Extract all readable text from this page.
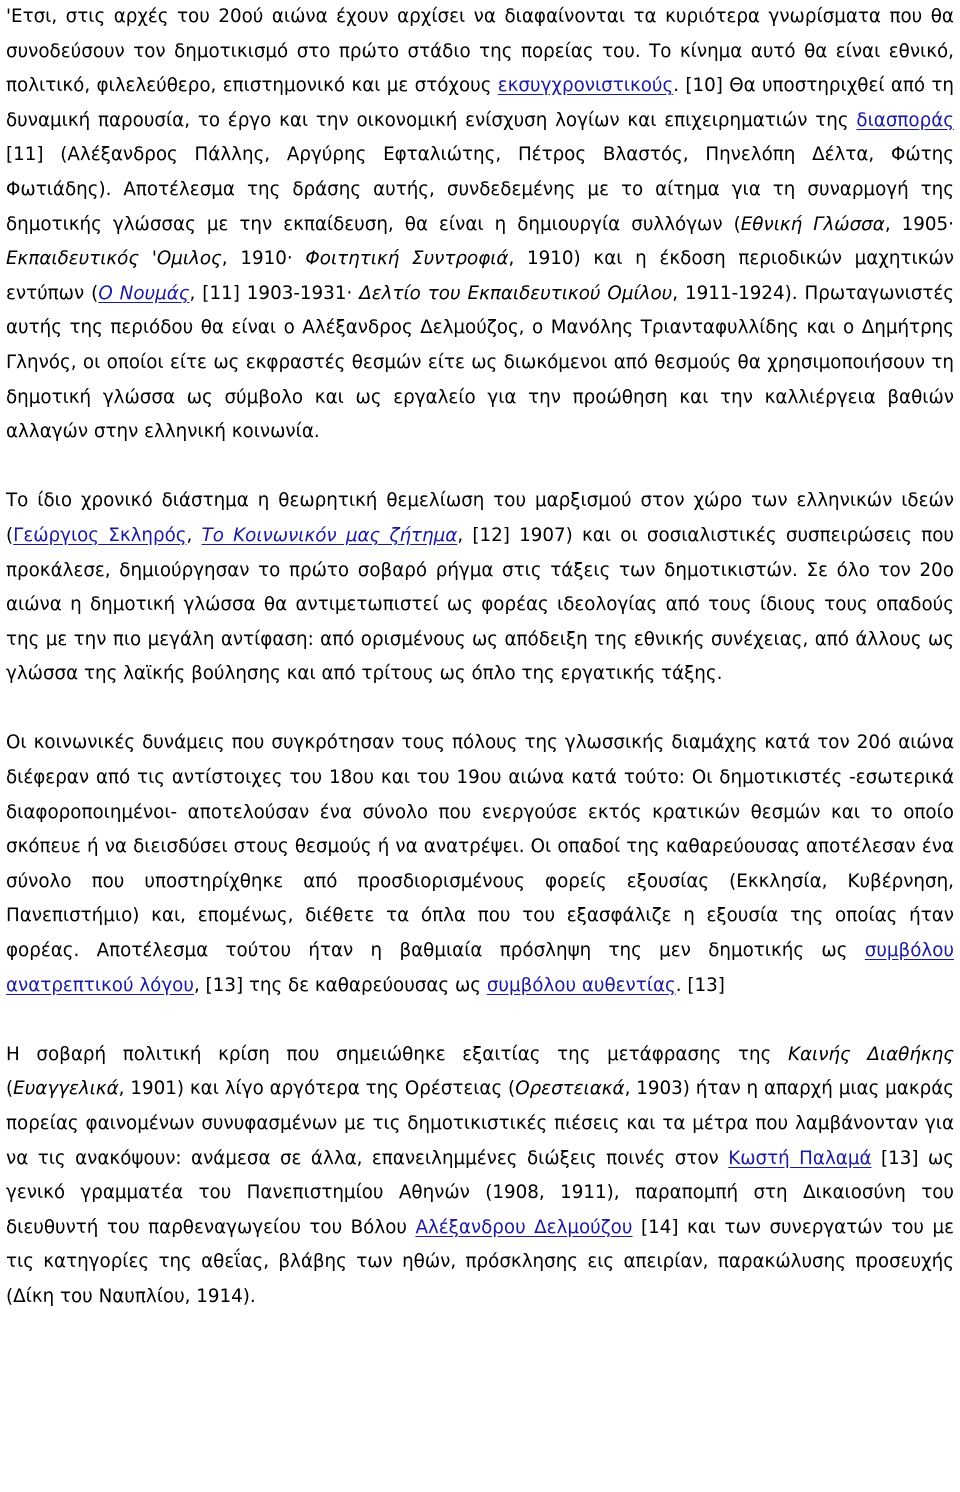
'Ετσι, στις αρχές του 20ού αιώνα έχουν αρχίσει να διαφαίνονται τα κυριότερα γνωρίσματα που θα συνοδεύσουν τον δημοτικισμό στο πρώτο στάδιο της πορείας του. Το κίνημα αυτό θα είναι εθνικό, πολιτικό, φιλελεύθερο, επιστημονικό και με στόχους εκσυγχρονιστικούς. [10] Θα υποστηριχθεί από τη δυναμική παρουσία, το έργο και την οικονομική ενίσχυση λογίων και επιχειρηματιών της διασποράς [11] (Αλέξανδρος Πάλλης, Αργύρης Εφταλιώτης, Πέτρος Βλαστός, Πηνελόπη Δέλτα, Φώτης Φωτιάδης). Αποτέλεσμα της δράσης αυτής, συνδεδεμένης με το αίτημα για τη συναρμογή της δημοτικής γλώσσας με την εκπαίδευση, θα είναι η δημιουργία συλλόγων (Εθνική Γλώσσα, 1905· Εκπαιδευτικός 'Ομιλος, 1910· Φοιτητική Συντροφιά, 1910) και η έκδοση περιοδικών μαχητικών εντύπων (Ο Νουμάς, [11] 1903-1931· Δελτίο του Εκπαιδευτικού Ομίλου, 1911-1924). Πρωταγωνιστές αυτής της περιόδου θα είναι ο Αλέξανδρος Δελμούζος, ο Μανόλης Τριανταφυλλίδης και ο Δημήτρης Γληνός, οι οποίοι είτε ως εκφραστές θεσμών είτε ως διωκόμενοι από θεσμούς θα χρησιμοποιήσουν τη δημοτική γλώσσα ως σύμβολο και ως εργαλείο για την προώθηση και την καλλιέργεια βαθιών αλλαγών στην ελληνική κοινωνία.

Το ίδιο χρονικό διάστημα η θεωρητική θεμελίωση του μαρξισμού στον χώρο των ελληνικών ιδεών (Γεώργιος Σκληρός, Το Κοινωνικόν μας ζήτημα, [12] 1907) και οι σοσιαλιστικές συσπειρώσεις που προκάλεσε, δημιούργησαν το πρώτο σοβαρό ρήγμα στις τάξεις των δημοτικιστών. Σε όλο τον 20ο αιώνα η δημοτική γλώσσα θα αντιμετωπιστεί ως φορέας ιδεολογίας από τους ίδιους τους οπαδούς της με την πιο μεγάλη αντίφαση: από ορισμένους ως απόδειξη της εθνικής συνέχειας, από άλλους ως γλώσσα της λαϊκής βούλησης και από τρίτους ως όπλο της εργατικής τάξης.

Οι κοινωνικές δυνάμεις που συγκρότησαν τους πόλους της γλωσσικής διαμάχης κατά τον 20ό αιώνα διέφεραν από τις αντίστοιχες του 18ου και του 19ου αιώνα κατά τούτο: Οι δημοτικιστές -εσωτερικά διαφοροποιημένοι- αποτελούσαν ένα σύνολο που ενεργούσε εκτός κρατικών θεσμών και το οποίο σκόπευε ή να διεισδύσει στους θεσμούς ή να ανατρέψει. Οι οπαδοί της καθαρεύουσας αποτέλεσαν ένα σύνολο που υποστηρίχθηκε από προσδιορισμένους φορείς εξουσίας (Εκκλησία, Κυβέρνηση, Πανεπιστήμιο) και, επομένως, διέθετε τα όπλα που του εξασφάλιζε η εξουσία της οποίας ήταν φορέας. Αποτέλεσμα τούτου ήταν η βαθμιαία πρόσληψη της μεν δημοτικής ως συμβόλου ανατρεπτικού λόγου, [13] της δε καθαρεύουσας ως συμβόλου αυθεντίας. [13]

Η σοβαρή πολιτική κρίση που σημειώθηκε εξαιτίας της μετάφρασης της Καινής Διαθήκης (Ευαγγελικά, 1901) και λίγο αργότερα της Ορέστειας (Ορεστειακά, 1903) ήταν η απαρχή μιας μακράς πορείας φαινομένων συνυφασμένων με τις δημοτικιστικές πιέσεις και τα μέτρα που λαμβάνονταν για να τις ανακόψουν: ανάμεσα σε άλλα, επανειλημμένες διώξεις ποινές στον Κωστή Παλαμά [13] ως γενικό γραμματέα του Πανεπιστημίου Αθηνών (1908, 1911), παραπομπή στη Δικαιοσύνη του διευθυντή του παρθεναγωγείου του Βόλου Αλέξανδρου Δελμούζου [14] και των συνεργατών του με τις κατηγορίες της αθεΐας, βλάβης των ηθών, πρόσκλησης εις απειρίαν, παρακώλυσης προσευχής (Δίκη του Ναυπλίου, 1914).
